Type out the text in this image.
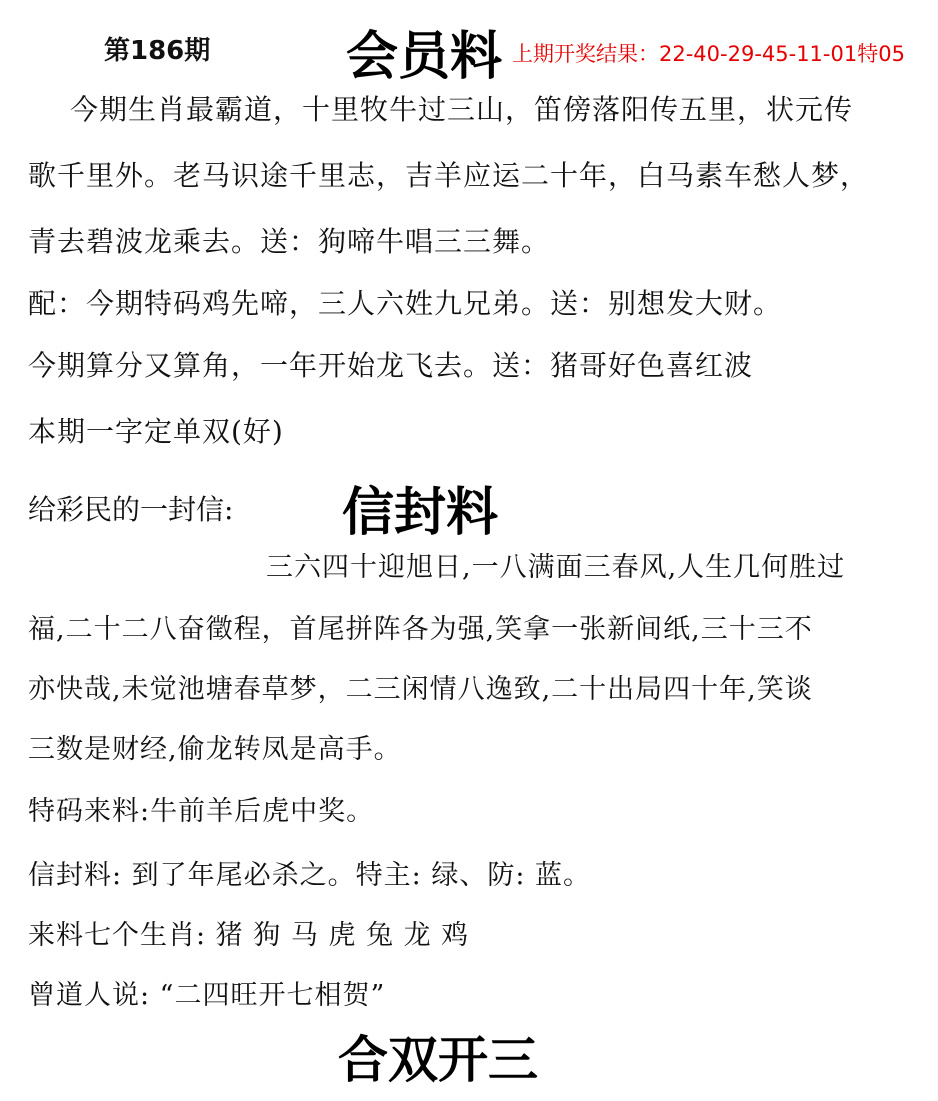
第186期	会员料 上期开奖结果：22-40-29-45-11-01特05
今期生肖最霸道，十里牧牛过三山，笛傍落阳传五里，状元传
歌千里外。老马识途千里志，吉羊应运二十年，白马素车愁人梦，
青去碧波龙乘去。送：狗啼牛唱三三舞。
配：今期特码鸡先啼，三人六姓九兄弟。送：别想发大财。
今期算分又算角，一年开始龙飞去。送：猪哥好色喜红波
本期一字定单双(好)
给彩民的一封信: 信封料
三六四十迎旭日,一八满面三春风,人生几何胜过
福,二十二八奋徵程，首尾拼阵各为强,笑拿一张新间纸,三十三不
亦快哉,未觉池塘春草梦，二三闲情八逸致,二十出局四十年,笑谈
三数是财经,偷龙转凤是高手。
特码来料:牛前羊后虎中奖。
信封料: 到了年尾必杀之。特主: 绿、防: 蓝。
来料七个生肖: 猪 狗 马 虎 兔 龙 鸡
曾道人说: “二四旺开七相贺”
合双开三
